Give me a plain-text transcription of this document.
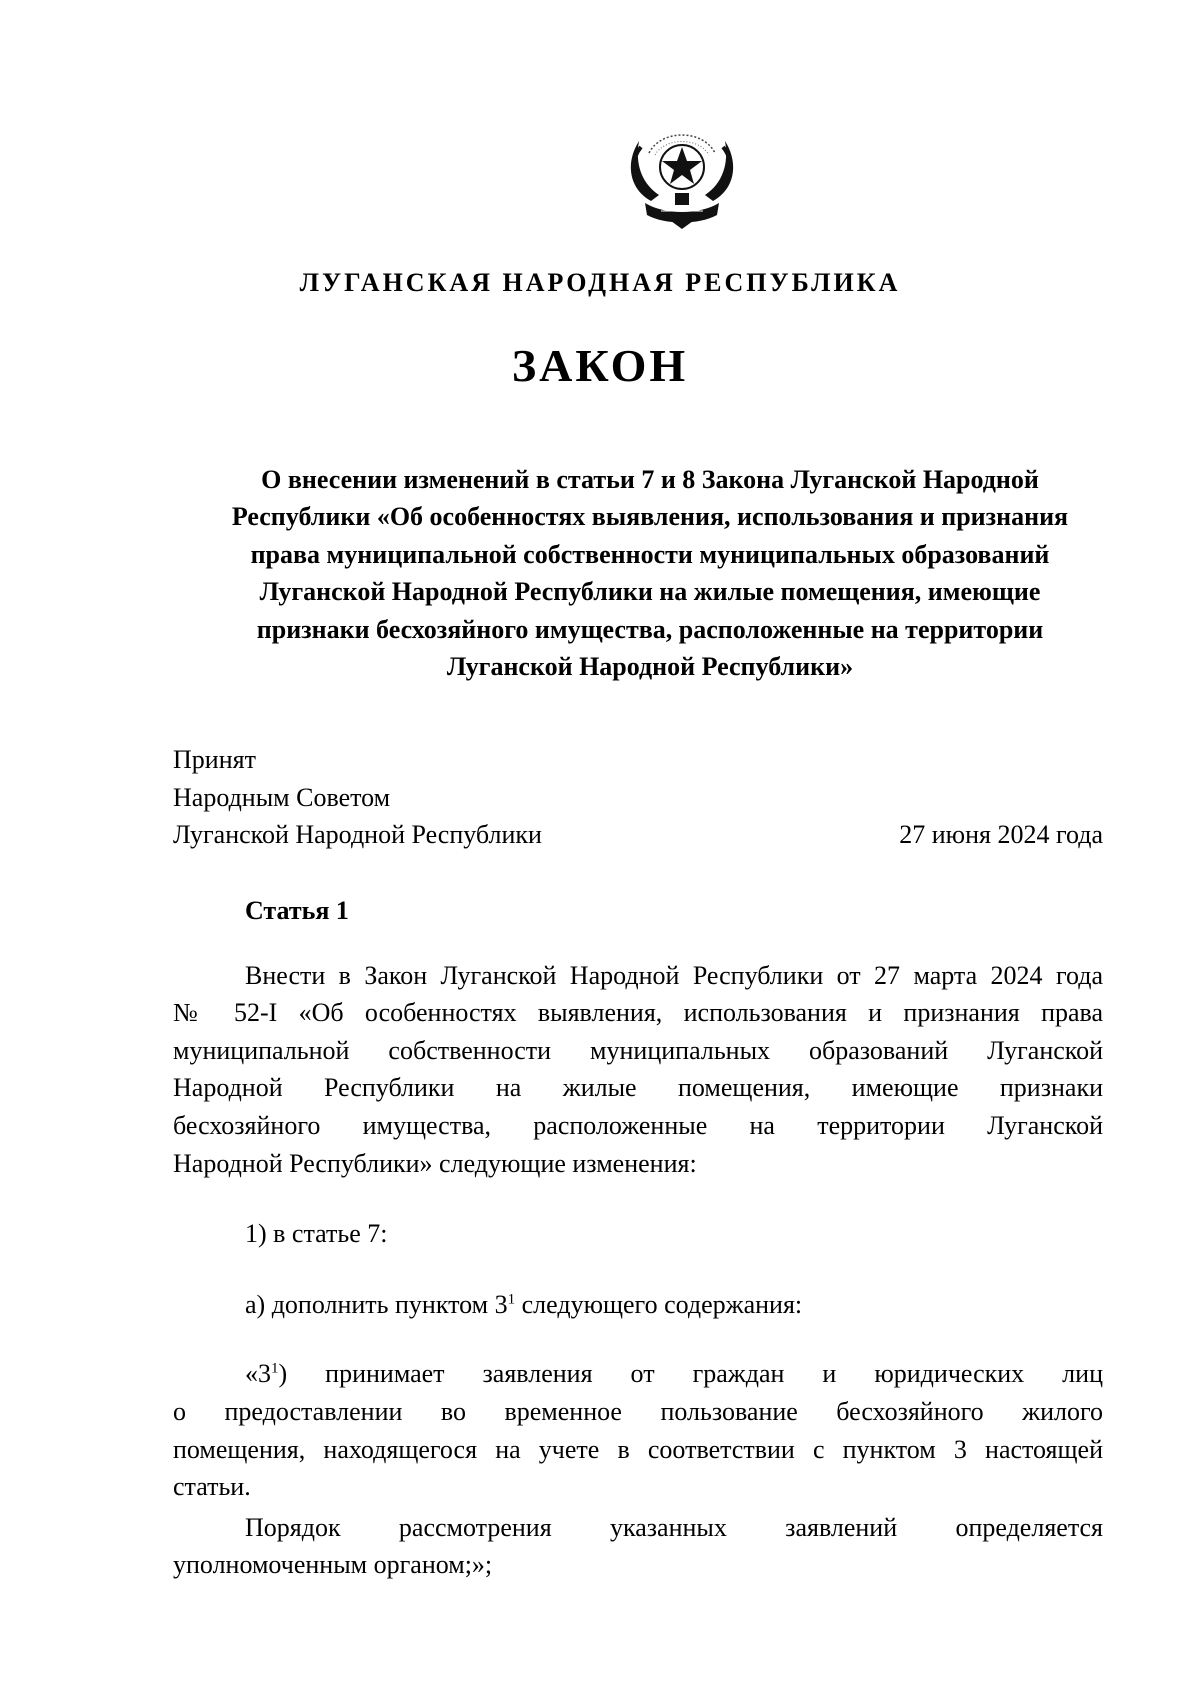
ЛУГАНСКАЯ НАРОДНАЯ РЕСПУБЛИКА
ЗАКОН
О внесении изменений в статьи 7 и 8 Закона Луганской Народной
Республики «Об особенностях выявления, использования и признания
права муниципальной собственности муниципальных образований
Луганской Народной Республики на жилые помещения, имеющие
признаки бесхозяйного имущества, расположенные на территории
Луганской Народной Республики»
Принят
Народным Советом
Луганской Народной Республики	27 июня 2024 года

Статья 1

Внести в Закон Луганской Народной Республики от 27 марта 2024 года
№ 52-I «Об особенностях выявления, использования и признания права
муниципальной собственности муниципальных образований Луганской
Народной Республики на жилые помещения, имеющие признаки
бесхозяйного имущества, расположенные на территории Луганской
Народной Республики» следующие изменения:

1) в статье 7:

а) дополнить пунктом $3^1$ следующего содержания:

«$3^1$) принимает заявления от граждан и юридических лиц
о предоставлении во временное пользование бесхозяйного жилого
помещения, находящегося на учете в соответствии с пунктом 3 настоящей
статьи.

Порядок рассмотрения указанных заявлений определяется
уполномоченным органом;»;
